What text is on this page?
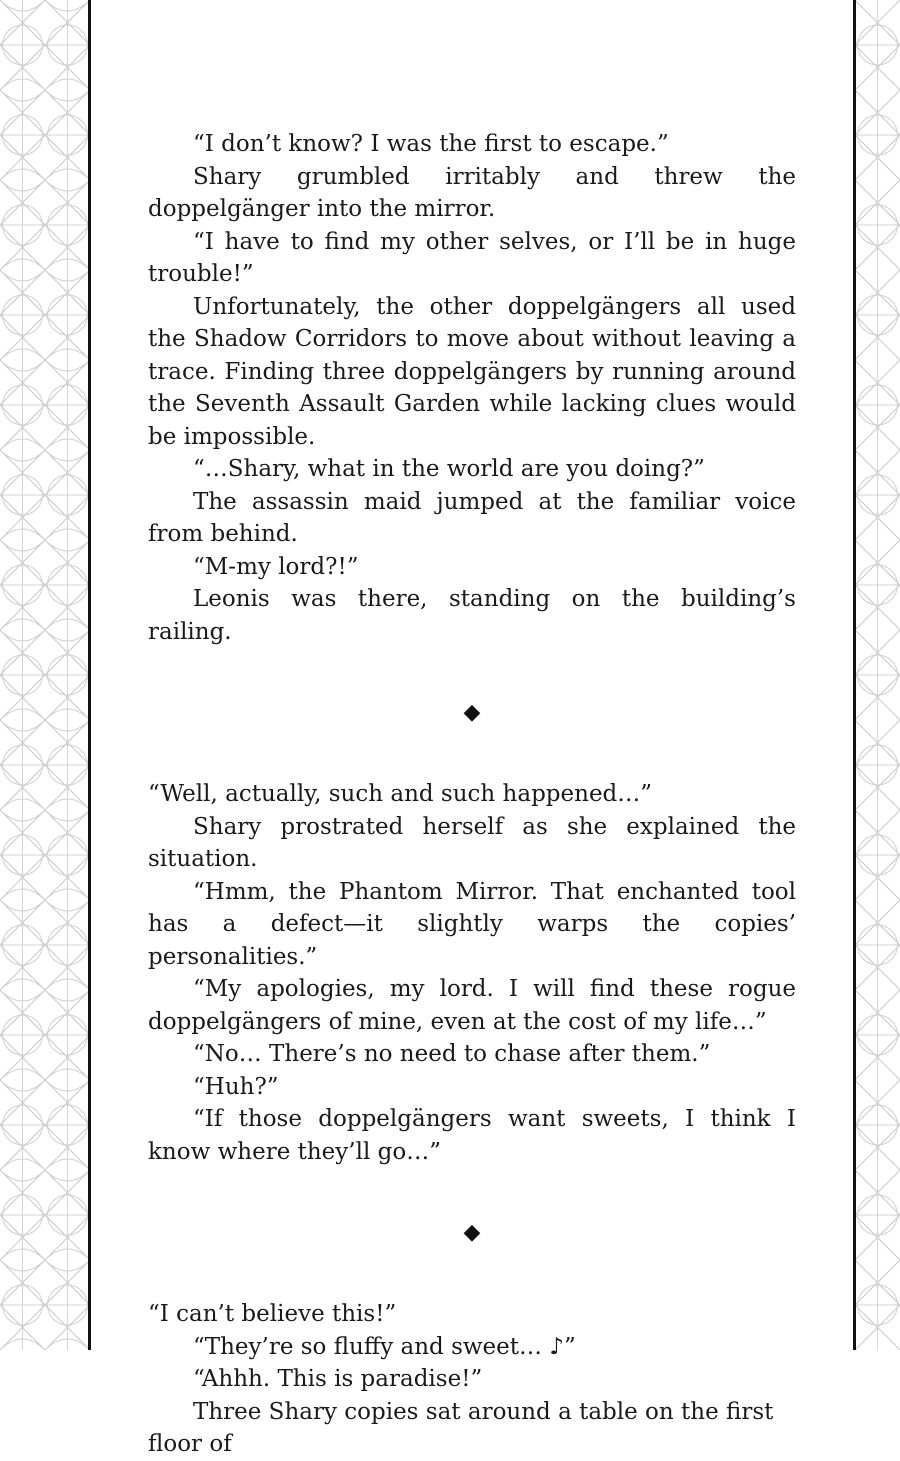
“I don’t know? I was the first to escape.”

Shary grumbled irritably and threw the doppelgänger into the mirror.

“I have to find my other selves, or I’ll be in huge trouble!”

Unfortunately, the other doppelgängers all used the Shadow Corridors to move about without leaving a trace. Finding three doppelgängers by running around the Seventh Assault Garden while lacking clues would be impossible.

“…Shary, what in the world are you doing?”

The assassin maid jumped at the familiar voice from behind.

“M-my lord?!”

Leonis was there, standing on the building’s railing.

◆

“Well, actually, such and such happened…”

Shary prostrated herself as she explained the situation.

“Hmm, the Phantom Mirror. That enchanted tool has a defect—it slightly warps the copies’ personalities.”

“My apologies, my lord. I will find these rogue doppelgängers of mine, even at the cost of my life…”

“No… There’s no need to chase after them.”

“Huh?”

“If those doppelgängers want sweets, I think I know where they’ll go…”

◆

“I can’t believe this!”

“They’re so fluffy and sweet… ♪”

“Ahhh. This is paradise!”

Three Shary copies sat around a table on the first floor of
